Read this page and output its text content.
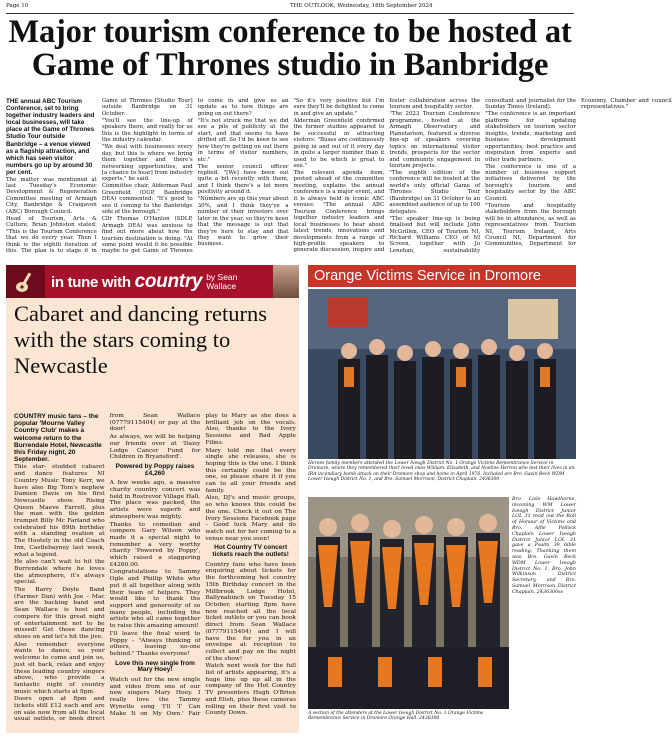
Page 10	THE OUTLOOK, Wednesday, 18th September 2024
Major tourism conference to be hosted at Game of Thrones studio in Banbridge

THE annual ABC Tourism Conference, set to bring together industry leaders and local businesses, will take place at the Game of Thrones Studio Tour outside Banbridge – a venue viewed as a flagship attraction, and which has seen visitor numbers go up by around 30 per cent.

The matter was mentioned at last Tuesday's Economic Development & Regeneration Committee meeting of Armagh City, Banbridge & Craigavon (ABC) Borough Council.

Head of Tourism, Arts & Culture, Brian Johnston stated: "This is the Tourism Conference that we do every year. Then I think is the eighth iteration of this. The plan is to stage it in Game of Thrones [Studio Tour] outside Banbridge on 31 October.

"You'll see the line-up of speakers there, and really for us this is the highlight in terms of the industry calendar.

"We deal with businesses every day, but this is where we bring them together and there's networking opportunities, and [a chance to hear] from industry experts," he said.

Committee chair, Alderman Paul Greenfield (DUP, Banbridge DEA) commented: "It's good to see it coming to the Banbridge side of the borough."

Cllr Thomas O'Hanlon (SDLP, Armagh DEA) was anxious to find out more about how the tourism destination is doing. "At some point would it be possible maybe to get Game of Thrones to come in and give us an update as to how things are going on out there?

"It's not struck me that we did see a pile of publicity at the start, and that seems to have drifted off. So I'd be keen to see how they're getting on out there in terms of visitor numbers, etc."

The senior council officer replied: "[We] have been out quite a bit recently with them, and I think there's a lot more positivity around it.

"Numbers are up this year about 30%, and I think they've a number of their investors over later in the year, so they're keen that the message is out that they're here to stay and that they want to grow their business.

"So it's very positive but I'm sure they'll be delighted to come in and give an update."

Alderman Greenfield confirmed the former studios appeared to be successful in attracting visitors: "Buses are continuously going in and out of it every day in quite a larger number than it used to be which is great to see."

The relevant agenda item, posted ahead of the committee meeting, explains the annual conference is a major event, and it is always held in iconic ABC venues: "The annual ABC Tourism Conference brings together industry leaders and local businesses to hear about latest trends, innovations and developments from a range of high-profile speakers to generate discussion, inspire and foster collaboration across the tourism and hospitality sector.

"The 2023 Tourism Conference programme, hosted at the Armagh Observatory and Planetarium, featured a diverse line-up of speakers covering topics on international visitor trends, prospects for the sector and community engagement in tourism projects.

"The eighth edition of the conference will be hosted at the world's only official Game of Thrones Studio Tour (Banbridge) on 31 October to an assembled audience of up to 100 delegates.

"The speaker line-up is being finalised but will include John McGrillen, CEO of Tourism NI, Richard Williams CEO of NI Screen, together with Jo Lenehan, sustainability consultant and journalist for the Sunday Times (Ireland).

"The conference is an important platform for updating stakeholders on tourism sector insights, trends, marketing and business development opportunities, best practice and inspiration from experts and other trade partners.

The conference is one of a number of business support initiatives delivered by the borough's tourism and hospitality sector by the ABC Council.

"Tourism and hospitality stakeholders from the borough will be in attendance, as well as representatives from Tourism NI, Tourism Ireland, Arts Council NI, Department for Communities, Department for Economy, Chamber and council representatives."

in tune with country by Sean
Wallace
Cabaret and dancing returns with the stars coming to Newcastle

COUNTRY music fans – the popular 'Mourne Valley Country Club' makes a welcome return to the Burrendale Hotel, Newcastle this Friday night, 20 September.

This star- studded cabaret and dance features NI Country Music Tony Kerr, we have also Big Tom's nephew Damien Davis on his first Newcastle show. Rising Queen Maeve Farrell, plus the man with the golden trumpet Billy Mc Farland who celebrated his 89th birthday with a standing ovation at The Hootely in the old Coach Inn, Castlebayney last week, what a legend.

He also can't wait to hit the Burrendale where he loves the atmosphere, it's always special.

The Barry Doyle Band (Farmer Dan) with Joe – Mac are the backing band and Sean Wallace is host and compere for this great night of entertainment not to be missed! Get those dancing shoes on and let's hit the jive.

Also remember everyone wants to dance, so your welcome to come and join us, just sit back, relax and enjoy these leading country singers above, who provide a fantastic night of country music which starts at 9pm.

Doors open at 8pm and tickets still £12 each and are on sale now from all the local usual outlets, or book direct from Sean Wallace (07779115404) or pay at the door!

As always, we will be helping our friends over at 'Daisy Lodge Cancer Fund for Children in Bryansford'.

Powered by Poppy raises £4,260

A few weeks ago, a massive charity country concert was held in Rostrevor Village Hall. The place was packed, the artists were superb and atmosphere was mighty.

Thanks to comedian and compere Gary Wilson who made it a special night to remember a very worthy charity 'Powered by Poppy', which raised a staggering £4260.00.

Congratulations to Sammy Ogle and Phillip White who put it all together along with their team of helpers. They would like to thank the support and generosity of so many people, including the artists who all came together to raise this amazing amount!

I'll leave the final word to Poppy – "Always thinking of others, leaving no-one behind." Thanks everyone!

Love this new single from Mary Hoey!

Watch out for the new single and video from one of our new singers Mary Hoey. I really love the Tammy Wynette song 'I'll 'I' Can Make It on My Own.' Fair play to Mary as she does a brilliant job on the vocals. Also, thanks to the Ivory Sessions and Bad Apple Films.

Mary told me that every single she releases, she is hoping this is the one. I think this certainly could be the one, so please share it if you can to all your friends and family.

Also, DJ's and music groups, so who knows this could be the one. Check it out on The Ivory Sessions Facebook page – Good luck Mary and do watch out for her coming to a venue near you soon!

Hot Country TV concert tickets reach the outlets!

Country fans who have been enquiring about tickets for the forthcoming hot country 15th Birthday concert in the Millbrook Lodge Hotel, Ballynahinch on Tuesday 15 October, starting 8pm have now reached all the local ticket outlets or you can book direct from Sean Wallace (07779115404) and I will have the for you in an envelope at reception to collect and pay on the night of the show!

Watch next week for the full list of artists appearing, it's a huge line up up all in the company of the Hot Country TV presenters Hugh O'Brien and Elish, plus these cameras rolling on their first visit to County Down.

Orange Victims Service in Dromore
Heroes family members attended the Lower Iveagh District No. 1 Orange Victims Remembrance Service in Dromore, where they remembered their loved ones William, Elizabeth, and Noeline Herron who lost their lives in an IRA incendiary bomb attack on their Dromore shop and home in April 1976. Included are Bro. Gavin Beck WDM Lower Iveagh District No. 1, and Bro. Samuel Morrison, District Chaplain. 2436300
Bro. Lisle Hawthorne, incoming WM Lower Iveagh District Junior LOL 31 read out the Roll of Honour of Victims and Bro. Alfie Pollock Chaplain Lower Iveagh District Junior LOL 31 gave a Psalm 39 bible reading. Thanking them was Bro. Gavin Beck WDM Lower Iveagh District No. 1, Bro. John Wilkinson District Secretary, and Bro. Samuel Morrison District Chaplain. 2436300ss
A section of the attenders at the Lower Iveagh District No. 1 Orange Victims Remembrance Service in Dromore Orange Hall. 2436300
